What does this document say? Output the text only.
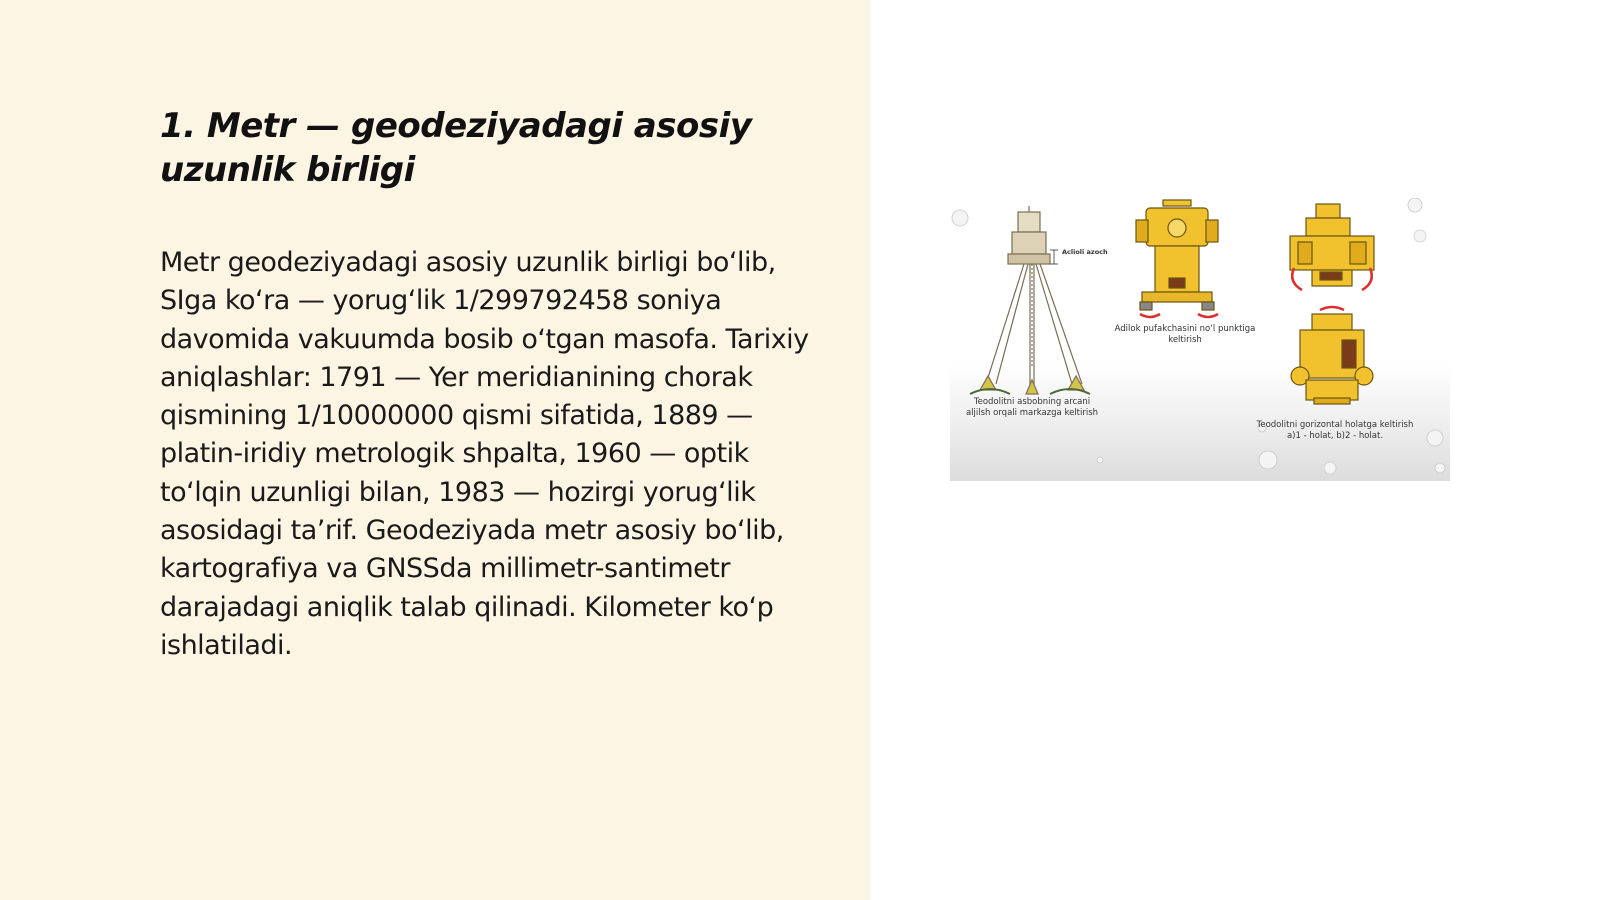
1. Metr — geodeziyadagi asosiy uzunlik birligi

Metr geodeziyadagi asosiy uzunlik birligi bo‘lib, SIga ko‘ra — yorug‘lik 1/299792458 soniya davomida vakuumda bosib o‘tgan masofa. Tarixiy aniqlashlar: 1791 — Yer meridianining chorak qismining 1/10000000 qismi sifatida, 1889 — platin-iridiy metrologik shpalta, 1960 — optik to‘lqin uzunligi bilan, 1983 — hozirgi yorug‘lik asosidagi ta’rif. Geodeziyada metr asosiy bo‘lib, kartografiya va GNSSda millimetr-santimetr darajadagi aniqlik talab qilinadi. Kilometer ko‘p ishlatiladi.

Aclioli azoch
Teodolitni asbobning arcani aljilsh orqali markazga keltirish
Adilok pufakchasini no‘l punktiga keltirish
Teodolitni gorizontal holatga keltirish a)1 - holat, b)2 - holat.
